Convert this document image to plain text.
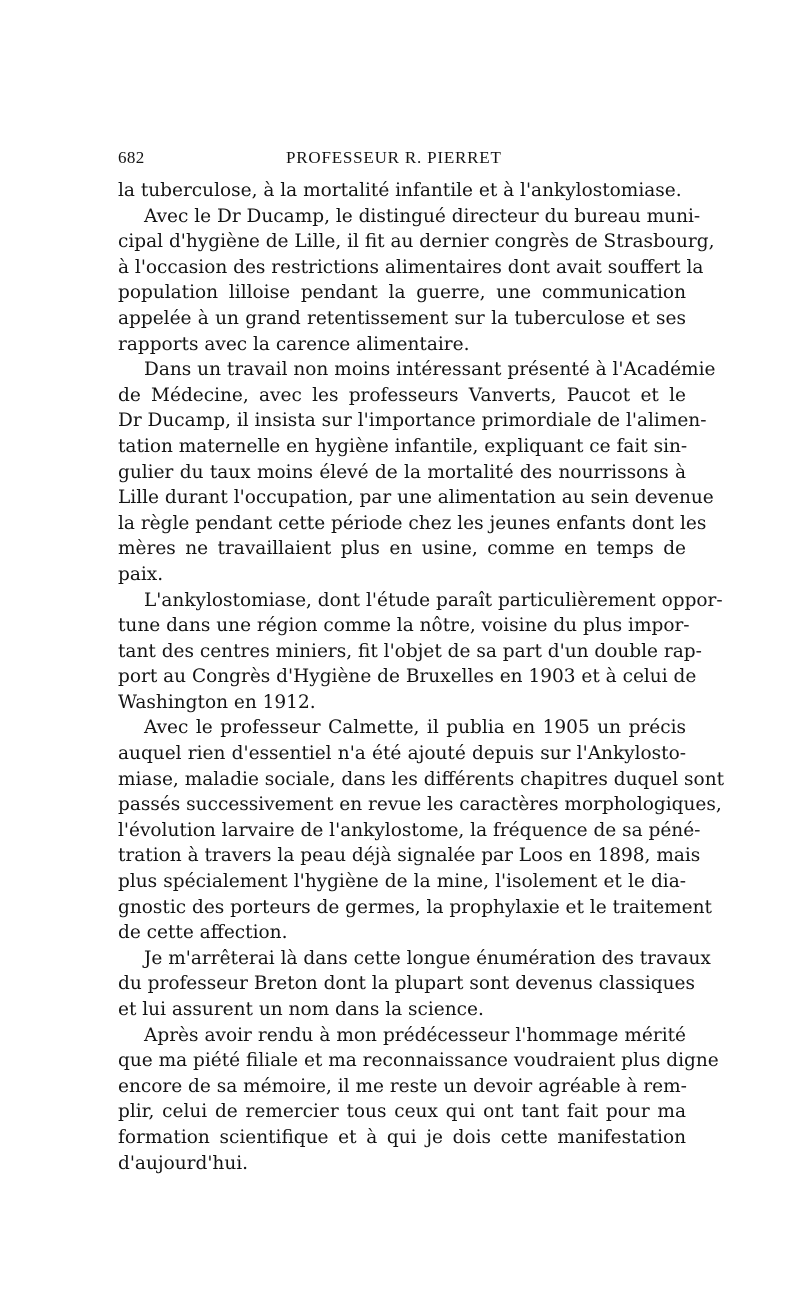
682	PROFESSEUR R. PIERRET
la tuberculose, à la mortalité infantile et à l'ankylostomiase.
Avec le Dr Ducamp, le distingué directeur du bureau muni-
cipal d'hygiène de Lille, il fit au dernier congrès de Strasbourg,
à l'occasion des restrictions alimentaires dont avait souffert la
population lilloise pendant la guerre, une communication
appelée à un grand retentissement sur la tuberculose et ses
rapports avec la carence alimentaire.
Dans un travail non moins intéressant présenté à l'Académie
de Médecine, avec les professeurs Vanverts, Paucot et le
Dr Ducamp, il insista sur l'importance primordiale de l'alimen-
tation maternelle en hygiène infantile, expliquant ce fait sin-
gulier du taux moins élevé de la mortalité des nourrissons à
Lille durant l'occupation, par une alimentation au sein devenue
la règle pendant cette période chez les jeunes enfants dont les
mères ne travaillaient plus en usine, comme en temps de
paix.
L'ankylostomiase, dont l'étude paraît particulièrement oppor-
tune dans une région comme la nôtre, voisine du plus impor-
tant des centres miniers, fit l'objet de sa part d'un double rap-
port au Congrès d'Hygiène de Bruxelles en 1903 et à celui de
Washington en 1912.
Avec le professeur Calmette, il publia en 1905 un précis
auquel rien d'essentiel n'a été ajouté depuis sur l'Ankylosto-
miase, maladie sociale, dans les différents chapitres duquel sont
passés successivement en revue les caractères morphologiques,
l'évolution larvaire de l'ankylostome, la fréquence de sa péné-
tration à travers la peau déjà signalée par Loos en 1898, mais
plus spécialement l'hygiène de la mine, l'isolement et le dia-
gnostic des porteurs de germes, la prophylaxie et le traitement
de cette affection.
Je m'arrêterai là dans cette longue énumération des travaux
du professeur Breton dont la plupart sont devenus classiques
et lui assurent un nom dans la science.
Après avoir rendu à mon prédécesseur l'hommage mérité
que ma piété filiale et ma reconnaissance voudraient plus digne
encore de sa mémoire, il me reste un devoir agréable à rem-
plir, celui de remercier tous ceux qui ont tant fait pour ma
formation scientifique et à qui je dois cette manifestation
d'aujourd'hui.
